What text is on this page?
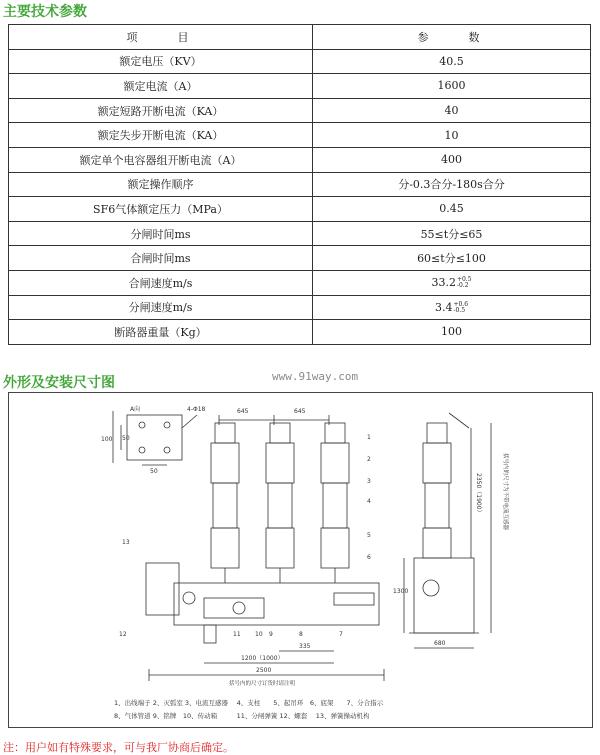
主要技术参数
项　　目	参　　数
额定电压（KV）	40.5
额定电流（A）	1600
额定短路开断电流（KA）	40
额定失步开断电流（KA）	10
额定单个电容器组开断电流（A）	400
额定操作顺序	分-0.3合分-180s合分
SF6气体额定压力（MPa）	0.45
分闸时间ms	55≤t分≤65
合闸时间ms	60≤t分≤100
合闸速度m/s	33.2+0.5
-0.2
分闸速度m/s	3.4+0.6
-0.5
断路器重量（Kg）	100
外形及安装尺寸图	www.91way.com
A向	4-Φ18	645	645
100 50
50
335
1200（1000）
2500
1300
680
2350（1900）	括号内的尺寸为不带电流互感器
1
2
3
4
5
6
7
8
9
10
11
12
13
括号内的尺寸订货时请注明
1、出线端子 2、灭弧室 3、电流互感器　 4、支柱　　5、起吊环　6、底架　　7、分合指示
8、气体管道 9、铭牌　10、传动箱　　　11、分闸弹簧 12、螺套　 13、弹簧操动机构
注：用户如有特殊要求，可与我厂协商后确定。
